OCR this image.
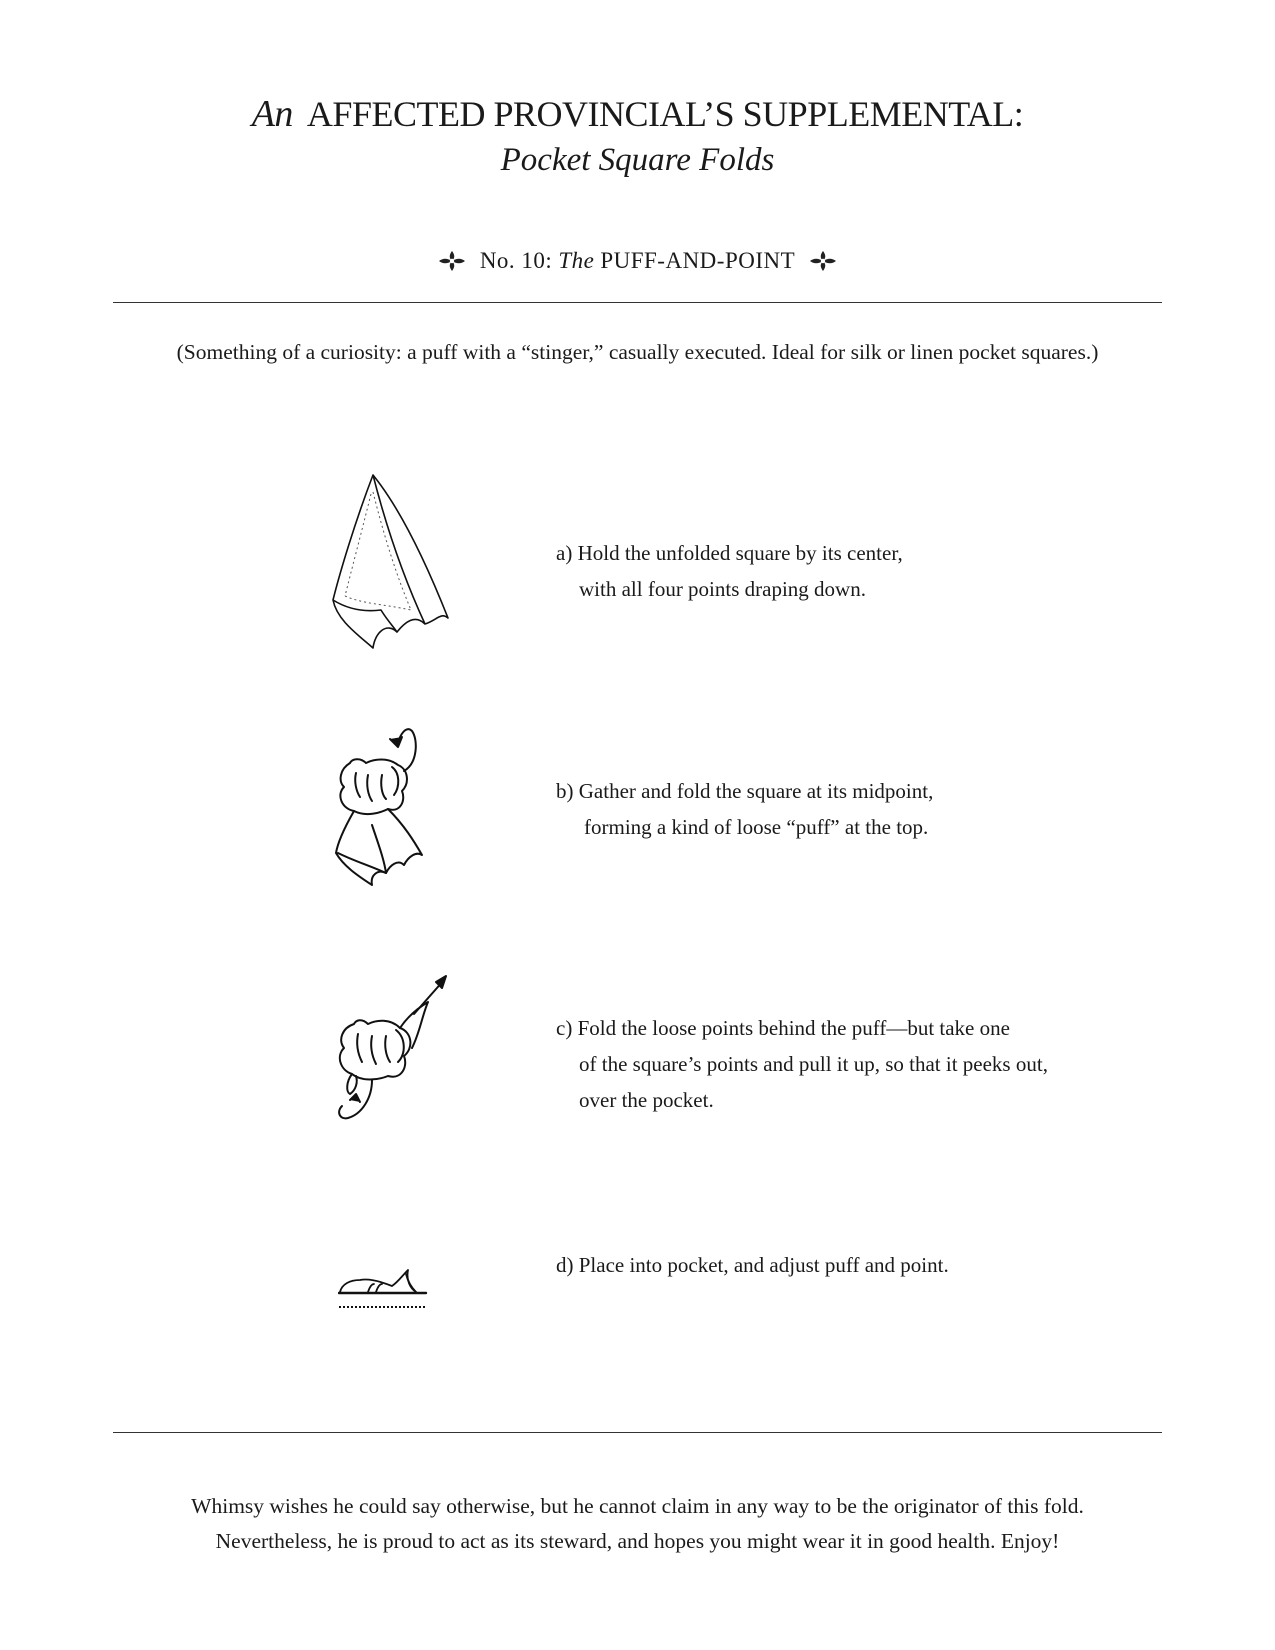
An AFFECTED PROVINCIAL’S SUPPLEMENTAL:
Pocket Square Folds
No. 10: The PUFF-AND-POINT
(Something of a curiosity: a puff with a “stinger,” casually executed. Ideal for silk or linen pocket squares.)
a) Hold the unfolded square by its center,
with all four points draping down.
b) Gather and fold the square at its midpoint,
forming a kind of loose “puff” at the top.
c) Fold the loose points behind the puff—but take one
of the square’s points and pull it up, so that it peeks out,
over the pocket.
d) Place into pocket, and adjust puff and point.
Whimsy wishes he could say otherwise, but he cannot claim in any way to be the originator of this fold.
Nevertheless, he is proud to act as its steward, and hopes you might wear it in good health. Enjoy!
